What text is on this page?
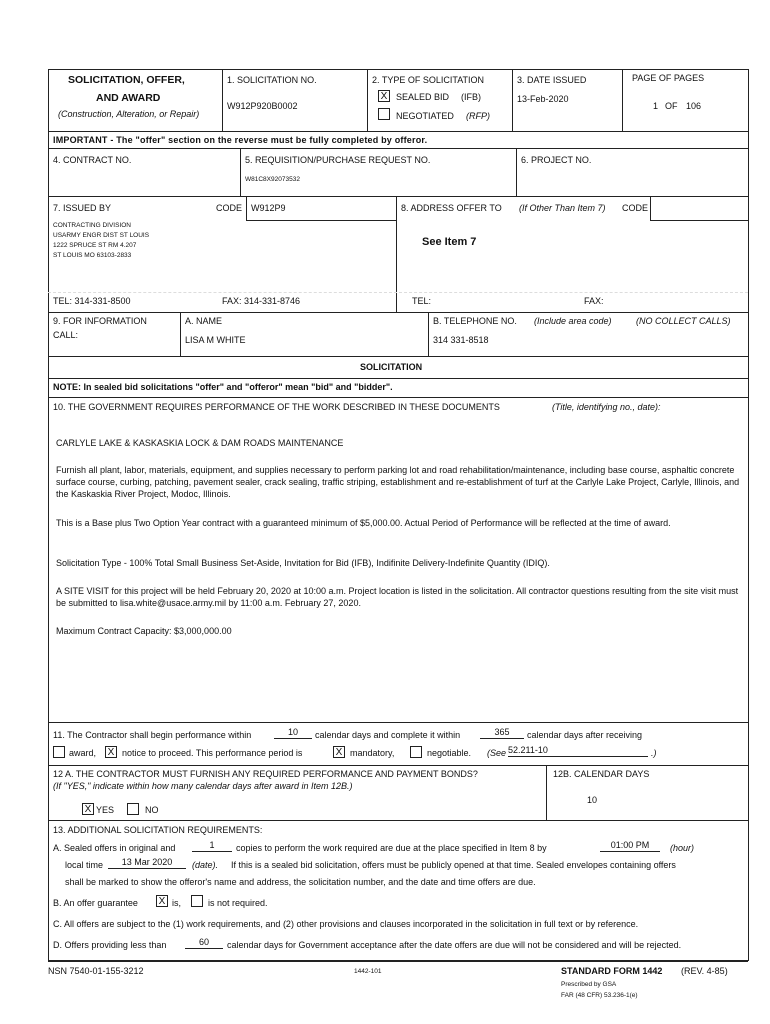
SOLICITATION, OFFER,
AND AWARD
(Construction, Alteration, or Repair)
1. SOLICITATION NO.
W912P920B0002
2. TYPE OF SOLICITATION
X SEALED BID (IFB)
NEGOTIATED (RFP)
3. DATE ISSUED
13-Feb-2020
PAGE OF PAGES
1 OF 106
IMPORTANT - The "offer" section on the reverse must be fully completed by offeror.
4. CONTRACT NO.	5. REQUISITION/PURCHASE REQUEST NO.
W81C8X92073532
6. PROJECT NO.
7. ISSUED BY	CODE W912P9
CONTRACTING DIVISION
USARMY ENGR DIST ST LOUIS
1222 SPRUCE ST RM 4.207
ST LOUIS MO 63103-2833
TEL: 314-331-8500	FAX: 314-331-8746
8. ADDRESS OFFER TO (If Other Than Item 7) CODE
See Item 7
TEL:	FAX:
9. FOR INFORMATION
CALL:
A. NAME
LISA M WHITE
B. TELEPHONE NO. (Include area code)	(NO COLLECT CALLS)
314 331-8518
SOLICITATION
NOTE: In sealed bid solicitations "offer" and "offeror" mean "bid" and "bidder".
10. THE GOVERNMENT REQUIRES PERFORMANCE OF THE WORK DESCRIBED IN THESE DOCUMENTS	(Title, identifying no., date):
CARLYLE LAKE & KASKASKIA LOCK & DAM ROADS MAINTENANCE
Furnish all plant, labor, materials, equipment, and supplies necessary to perform parking lot and road rehabilitation/maintenance, including base course, asphaltic concrete surface course, curbing, patching, pavement sealer, crack sealing, traffic striping, establishment and re-establishment of turf at the Carlyle Lake Project, Carlyle, Illinois, and the Kaskaskia River Project, Modoc, Illinois.
This is a Base plus Two Option Year contract with a guaranteed minimum of $5,000.00. Actual Period of Performance will be reflected at the time of award.
Solicitation Type - 100% Total Small Business Set-Aside, Invitation for Bid (IFB), Indifinite Delivery-Indefinite Quantity (IDIQ).
A SITE VISIT for this project will be held February 20, 2020 at 10:00 a.m. Project location is listed in the solicitation. All contractor questions resulting from the site visit must be submitted to lisa.white@usace.army.mil by 11:00 a.m. February 27, 2020.
Maximum Contract Capacity: $3,000,000.00
11. The Contractor shall begin performance within	10	calendar days and complete it within	365	calendar days after receiving
award, X notice to proceed. This performance period is	X mandatory,	negotiable. (See 52.211-10	.)
12 A. THE CONTRACTOR MUST FURNISH ANY REQUIRED PERFORMANCE AND PAYMENT BONDS?
(If "YES," indicate within how many calendar days after award in Item 12B.)
X YES	NO
12B. CALENDAR DAYS
10
13. ADDITIONAL SOLICITATION REQUIREMENTS:
A. Sealed offers in original and	1	copies to perform the work required are due at the place specified in Item 8 by	01:00 PM	(hour)
local time	13 Mar 2020	(date). If this is a sealed bid solicitation, offers must be publicly opened at that time. Sealed envelopes containing offers
shall be marked to show the offeror's name and address, the solicitation number, and the date and time offers are due.
B. An offer guarantee X is,	is not required.
C. All offers are subject to the (1) work requirements, and (2) other provisions and clauses incorporated in the solicitation in full text or by reference.
D. Offers providing less than	60	calendar days for Government acceptance after the date offers are due will not be considered and will be rejected.
NSN 7540-01-155-3212	1442-101	STANDARD FORM 1442 (REV. 4-85)
Prescribed by GSA
FAR (48 CFR) 53.236-1(e)
